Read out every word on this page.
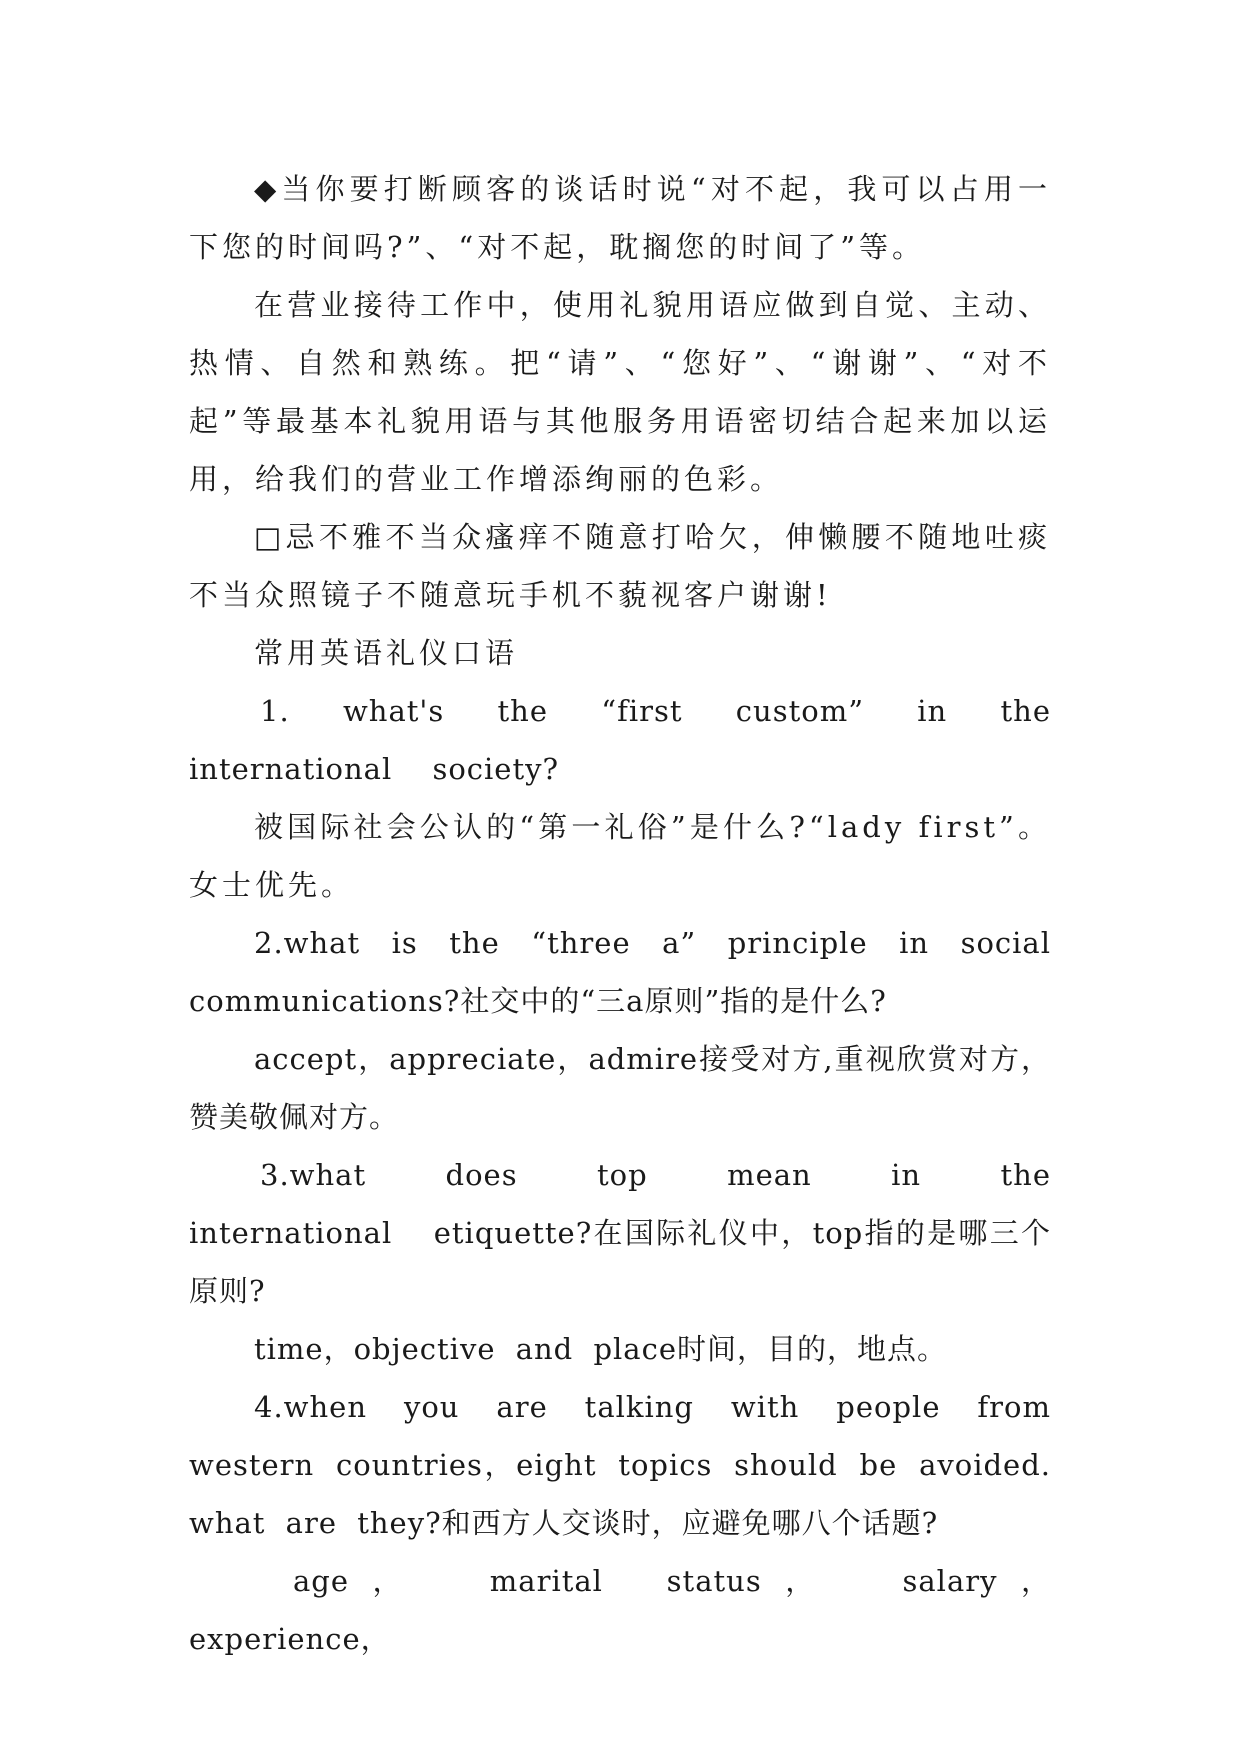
◆当你要打断顾客的谈话时说“对不起，我可以占用一下您的时间吗?”、“对不起，耽搁您的时间了”等。

在营业接待工作中，使用礼貌用语应做到自觉、主动、热情、自然和熟练。把“请”、“您好”、“谢谢”、“对不起”等最基本礼貌用语与其他服务用语密切结合起来加以运用，给我们的营业工作增添绚丽的色彩。

□忌不雅不当众瘙痒不随意打哈欠，伸懒腰不随地吐痰不当众照镜子不随意玩手机不藐视客户谢谢!

常用英语礼仪口语

1. what's the “first custom” in the international society?

被国际社会公认的“第一礼俗”是什么?“lady first”。女士优先。

2.what is the “three a” principle in social communications?社交中的“三a原则”指的是什么?

accept，appreciate，admire接受对方,重视欣赏对方，赞美敬佩对方。

3.what does top mean in the international etiquette?在国际礼仪中，top指的是哪三个原则?

time，objective and place时间，目的，地点。

4.when you are talking with people from western countries，eight topics should be avoided. what are they?和西方人交谈时，应避免哪八个话题?

age， marital status， salary， experience，
